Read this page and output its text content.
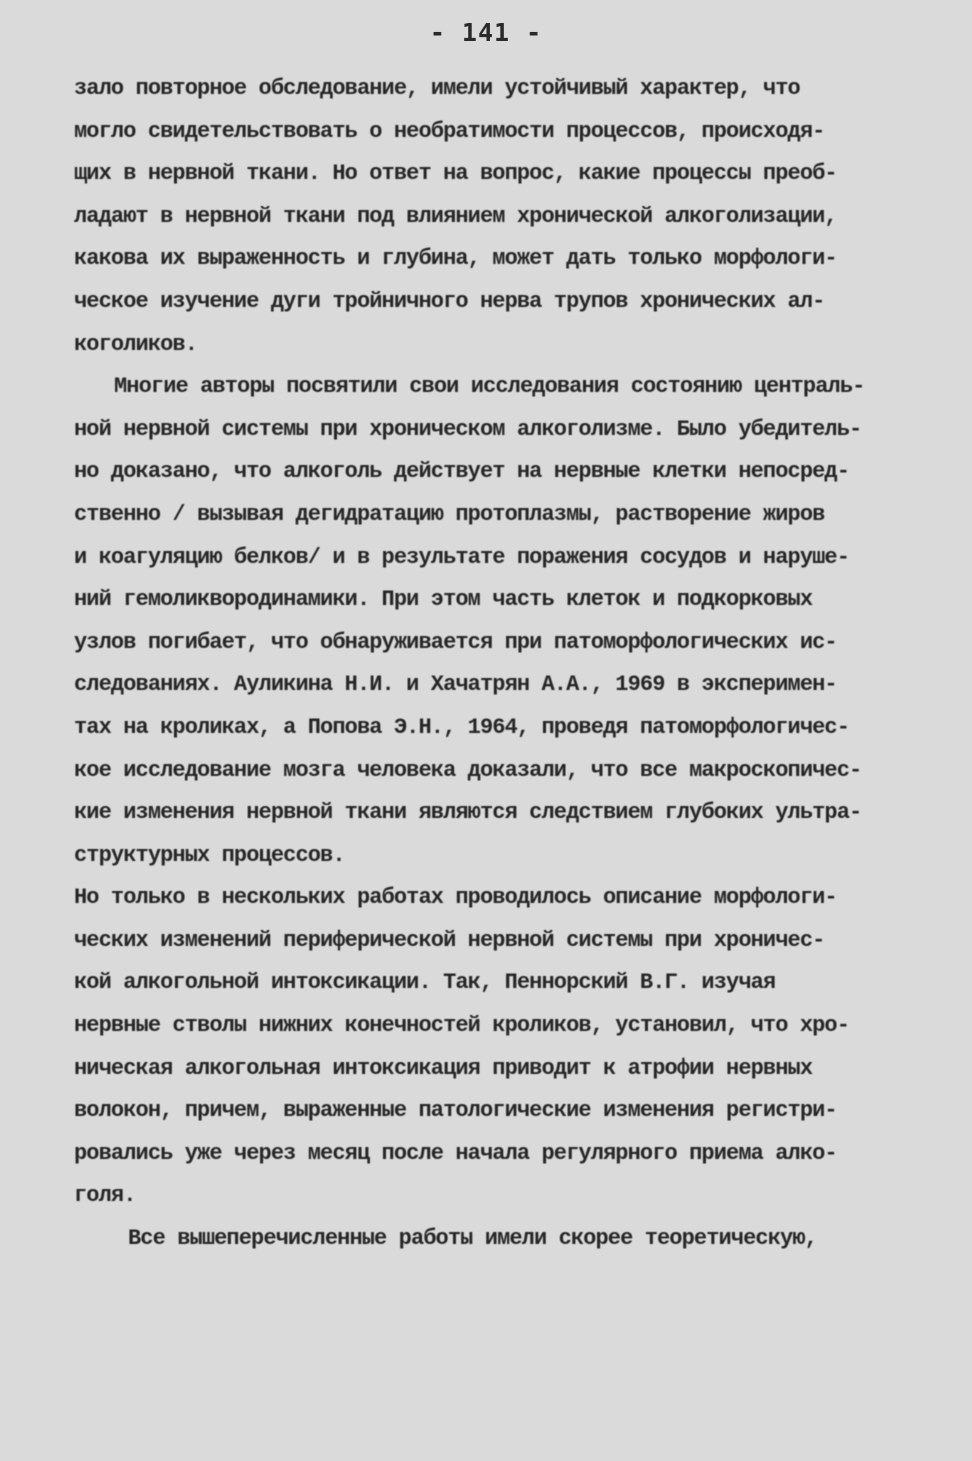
- 141 -
зало повторное обследование, имели устойчивый характер, что
могло свидетельствовать о необратимости процессов, происходя-
щих в нервной ткани. Но ответ на вопрос, какие процессы преоб-
ладают в нервной ткани под влиянием хронической алкоголизации,
какова их выраженность и глубина, может дать только морфологи-
ческое изучение дуги тройничного нерва трупов хронических ал-
коголиков.
Многие авторы посвятили свои исследования состоянию централь-
ной нервной системы при хроническом алкоголизме. Было убедитель-
но доказано, что алкоголь действует на нервные клетки непосред-
ственно / вызывая дегидратацию протоплазмы, растворение жиров
и коагуляцию белков/ и в результате поражения сосудов и наруше-
ний гемоликвородинамики. При этом часть клеток и подкорковых
узлов погибает, что обнаруживается при патоморфологических ис-
следованиях. Ауликина Н.И. и Хачатрян А.А., 1969 в эксперимен-
тах на кроликах, а Попова Э.Н., 1964, проведя патоморфологичес-
кое исследование мозга человека доказали, что все макроскопичес-
кие изменения нервной ткани являются следствием глубоких ультра-
структурных процессов.
Но только в нескольких работах проводилось описание морфологи-
ческих изменений периферической нервной системы при хроничес-
кой алкогольной интоксикации. Так, Пеннорский В.Г. изучая
нервные стволы нижних конечностей кроликов, установил, что хро-
ническая алкогольная интоксикация приводит к атрофии нервных
волокон, причем, выраженные патологические изменения регистри-
ровались уже через месяц после начала регулярного приема алко-
голя.
Все вышеперечисленные работы имели скорее теоретическую,
